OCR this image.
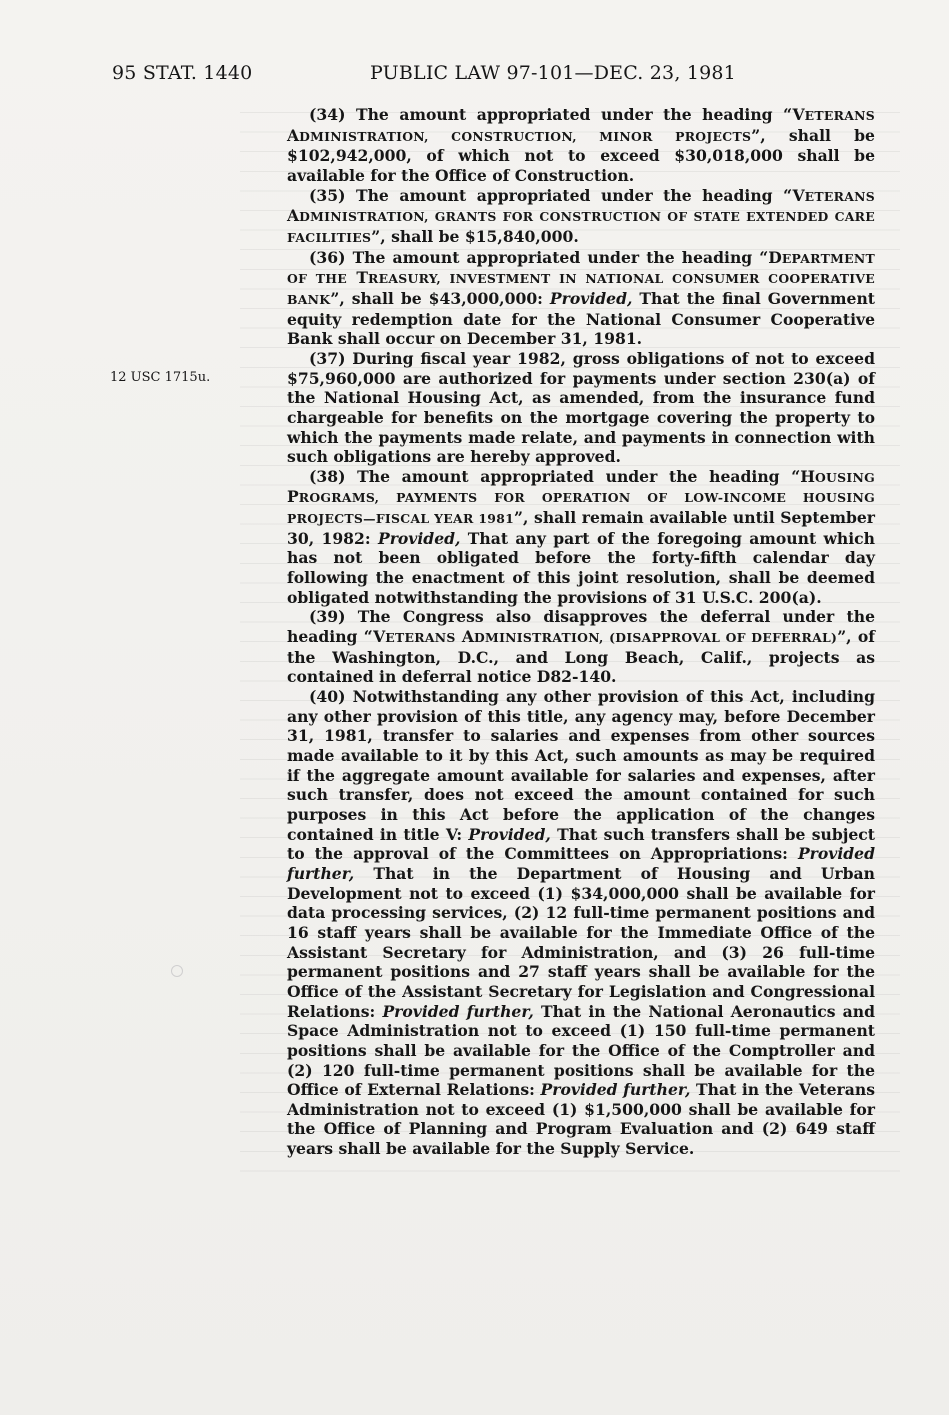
95 STAT. 1440	PUBLIC LAW 97-101—DEC. 23, 1981
12 USC 1715u.

(34) The amount appropriated under the heading “VETERANS ADMINISTRATION, CONSTRUCTION, MINOR PROJECTS”, shall be $102,942,000, of which not to exceed $30,018,000 shall be available for the Office of Construction.

(35) The amount appropriated under the heading “VETERANS ADMINISTRATION, GRANTS FOR CONSTRUCTION OF STATE EXTENDED CARE FACILITIES”, shall be $15,840,000.

(36) The amount appropriated under the heading “DEPARTMENT OF THE TREASURY, INVESTMENT IN NATIONAL CONSUMER COOPERATIVE BANK”, shall be $43,000,000: Provided, That the final Government equity redemption date for the National Consumer Cooperative Bank shall occur on December 31, 1981.

(37) During fiscal year 1982, gross obligations of not to exceed $75,960,000 are authorized for payments under section 230(a) of the National Housing Act, as amended, from the insurance fund chargeable for benefits on the mortgage covering the property to which the payments made relate, and payments in connection with such obligations are hereby approved.

(38) The amount appropriated under the heading “HOUSING PROGRAMS, PAYMENTS FOR OPERATION OF LOW-INCOME HOUSING PROJECTS—FISCAL YEAR 1981”, shall remain available until September 30, 1982: Provided, That any part of the foregoing amount which has not been obligated before the forty-fifth calendar day following the enactment of this joint resolution, shall be deemed obligated notwithstanding the provisions of 31 U.S.C. 200(a).

(39) The Congress also disapproves the deferral under the heading “VETERANS ADMINISTRATION, (DISAPPROVAL OF DEFERRAL)”, of the Washington, D.C., and Long Beach, Calif., projects as contained in deferral notice D82-140.

(40) Notwithstanding any other provision of this Act, including any other provision of this title, any agency may, before December 31, 1981, transfer to salaries and expenses from other sources made available to it by this Act, such amounts as may be required if the aggregate amount available for salaries and expenses, after such transfer, does not exceed the amount contained for such purposes in this Act before the application of the changes contained in title V: Provided, That such transfers shall be subject to the approval of the Committees on Appropriations: Provided further, That in the Department of Housing and Urban Development not to exceed (1) $34,000,000 shall be available for data processing services, (2) 12 full-time permanent positions and 16 staff years shall be available for the Immediate Office of the Assistant Secretary for Administration, and (3) 26 full-time permanent positions and 27 staff years shall be available for the Office of the Assistant Secretary for Legislation and Congressional Relations: Provided further, That in the National Aeronautics and Space Administration not to exceed (1) 150 full-time permanent positions shall be available for the Office of the Comptroller and (2) 120 full-time permanent positions shall be available for the Office of External Relations: Provided further, That in the Veterans Administration not to exceed (1) $1,500,000 shall be available for the Office of Planning and Program Evaluation and (2) 649 staff years shall be available for the Supply Service.
